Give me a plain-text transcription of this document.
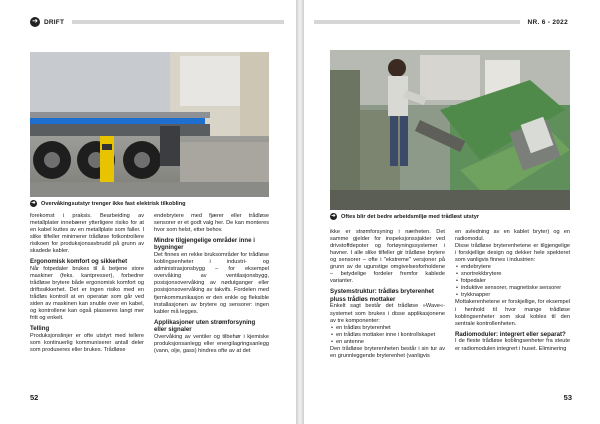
➔ DRIFT
➔ Overvåkingsutstyr trenger ikke fast elektrisk tilkobling

forekomst i praksis. Bearbeiding av metallplater innebærer ytterligere risiko for at en kabel kuttes av en metallplate som faller. I slike tilfeller minimerer trådløse fotkontrollere risikoen for produksjonsavbrudd på grunn av skadede kabler.

Ergonomisk komfort og sikkerhet

Når fotpedaler brukes til å betjene store maskiner (feks. kantpresser), forbedrer trådløse brytere både ergonomisk komfort og driftssikkerhet. Det er ingen risiko med en trådløs kontroll at en operatør som går ved siden av maskinen kan snuble over en kabel, og kontrollene kan også plasseres langt mer fritt og enkelt.

Telling

Produksjonslinjer er ofte utstyrt med tellere som kontinuerlig kommuniserer antall deler som produseres eller brukes. Trådløse

endebrytere med fjærer eller trådløse sensorer er et godt valg her. De kan monteres hvor som helst, etter behov.

Mindre tilgjengelige områder inne i bygninger

Det finnes en rekke bruksområder for trådløse koblingsenheter i industri- og administrasjonsbygg – for eksempel overvåking av ventilasjonsbygg, posisjonsovervåking av nødutganger eller posisjonsovervåking av takvifs. Fordelen med fjernkommunikasjon er den enkle og fleksible installasjonen av brytere og sensorer: ingen kabler må legges.

Applikasjoner uten strømforsyning eller signaler

Overvåking av ventiler og tilbehør i kjemiske produksjonsanlegg eller energilagringsanlegg (vann, olje, gass) hindres ofte av at det

52
NR. 6 - 2022
➔ Oftes blir det bedre arbeidsmiljø med trådløst utstyr

ikke er strømforsyning i nærheten. Det samme gjelder for inspeksjonssjakter ved drivstoffdepoter og fortøyningssystemer i havner. I alle slike tilfeller gir trådløse brytere og sensorer – ofte i "ekstreme" versjoner på grunn av de ugunstige omgivelsesforholdene – betydelige fordeler fremfor kablede varianter.

Systemstruktur: trådløs bryterenhet pluss trådløs mottaker

Enkelt sagt består det trådløse »Wave«-systemet som brukes i disse applikasjonene av tre komponenter:

• en trådløs bryterenhet
• en trådløs mottaker inne i kontrollskapet
• en antenne

Den trådløse bryterenheten består i sin tur av en grunnleggende bryterenhet (vanligvis

en avledning av en kablet bryter) og en radiomodul.

Disse trådløse bryterenhetene er tilgjengelige i forskjellige design og dekker hele spekteret som vanligvis finnes i industrien:

• endebrytere
• snortrekkbrytere
• fotpedaler
• induktive sensorer, magnetiske sensorer
• trykknapper

Mottakerenhetene er forskjellige, for eksempel i henhold til hvor mange trådløse koblingsenheter som skal kobles til den sentrale kontrollenheten.

Radiomoduler: integrert eller separat?

I de fleste trådløse koblingsenheter fra steute er radiomodulen integrert i huset. Eliminering

53
